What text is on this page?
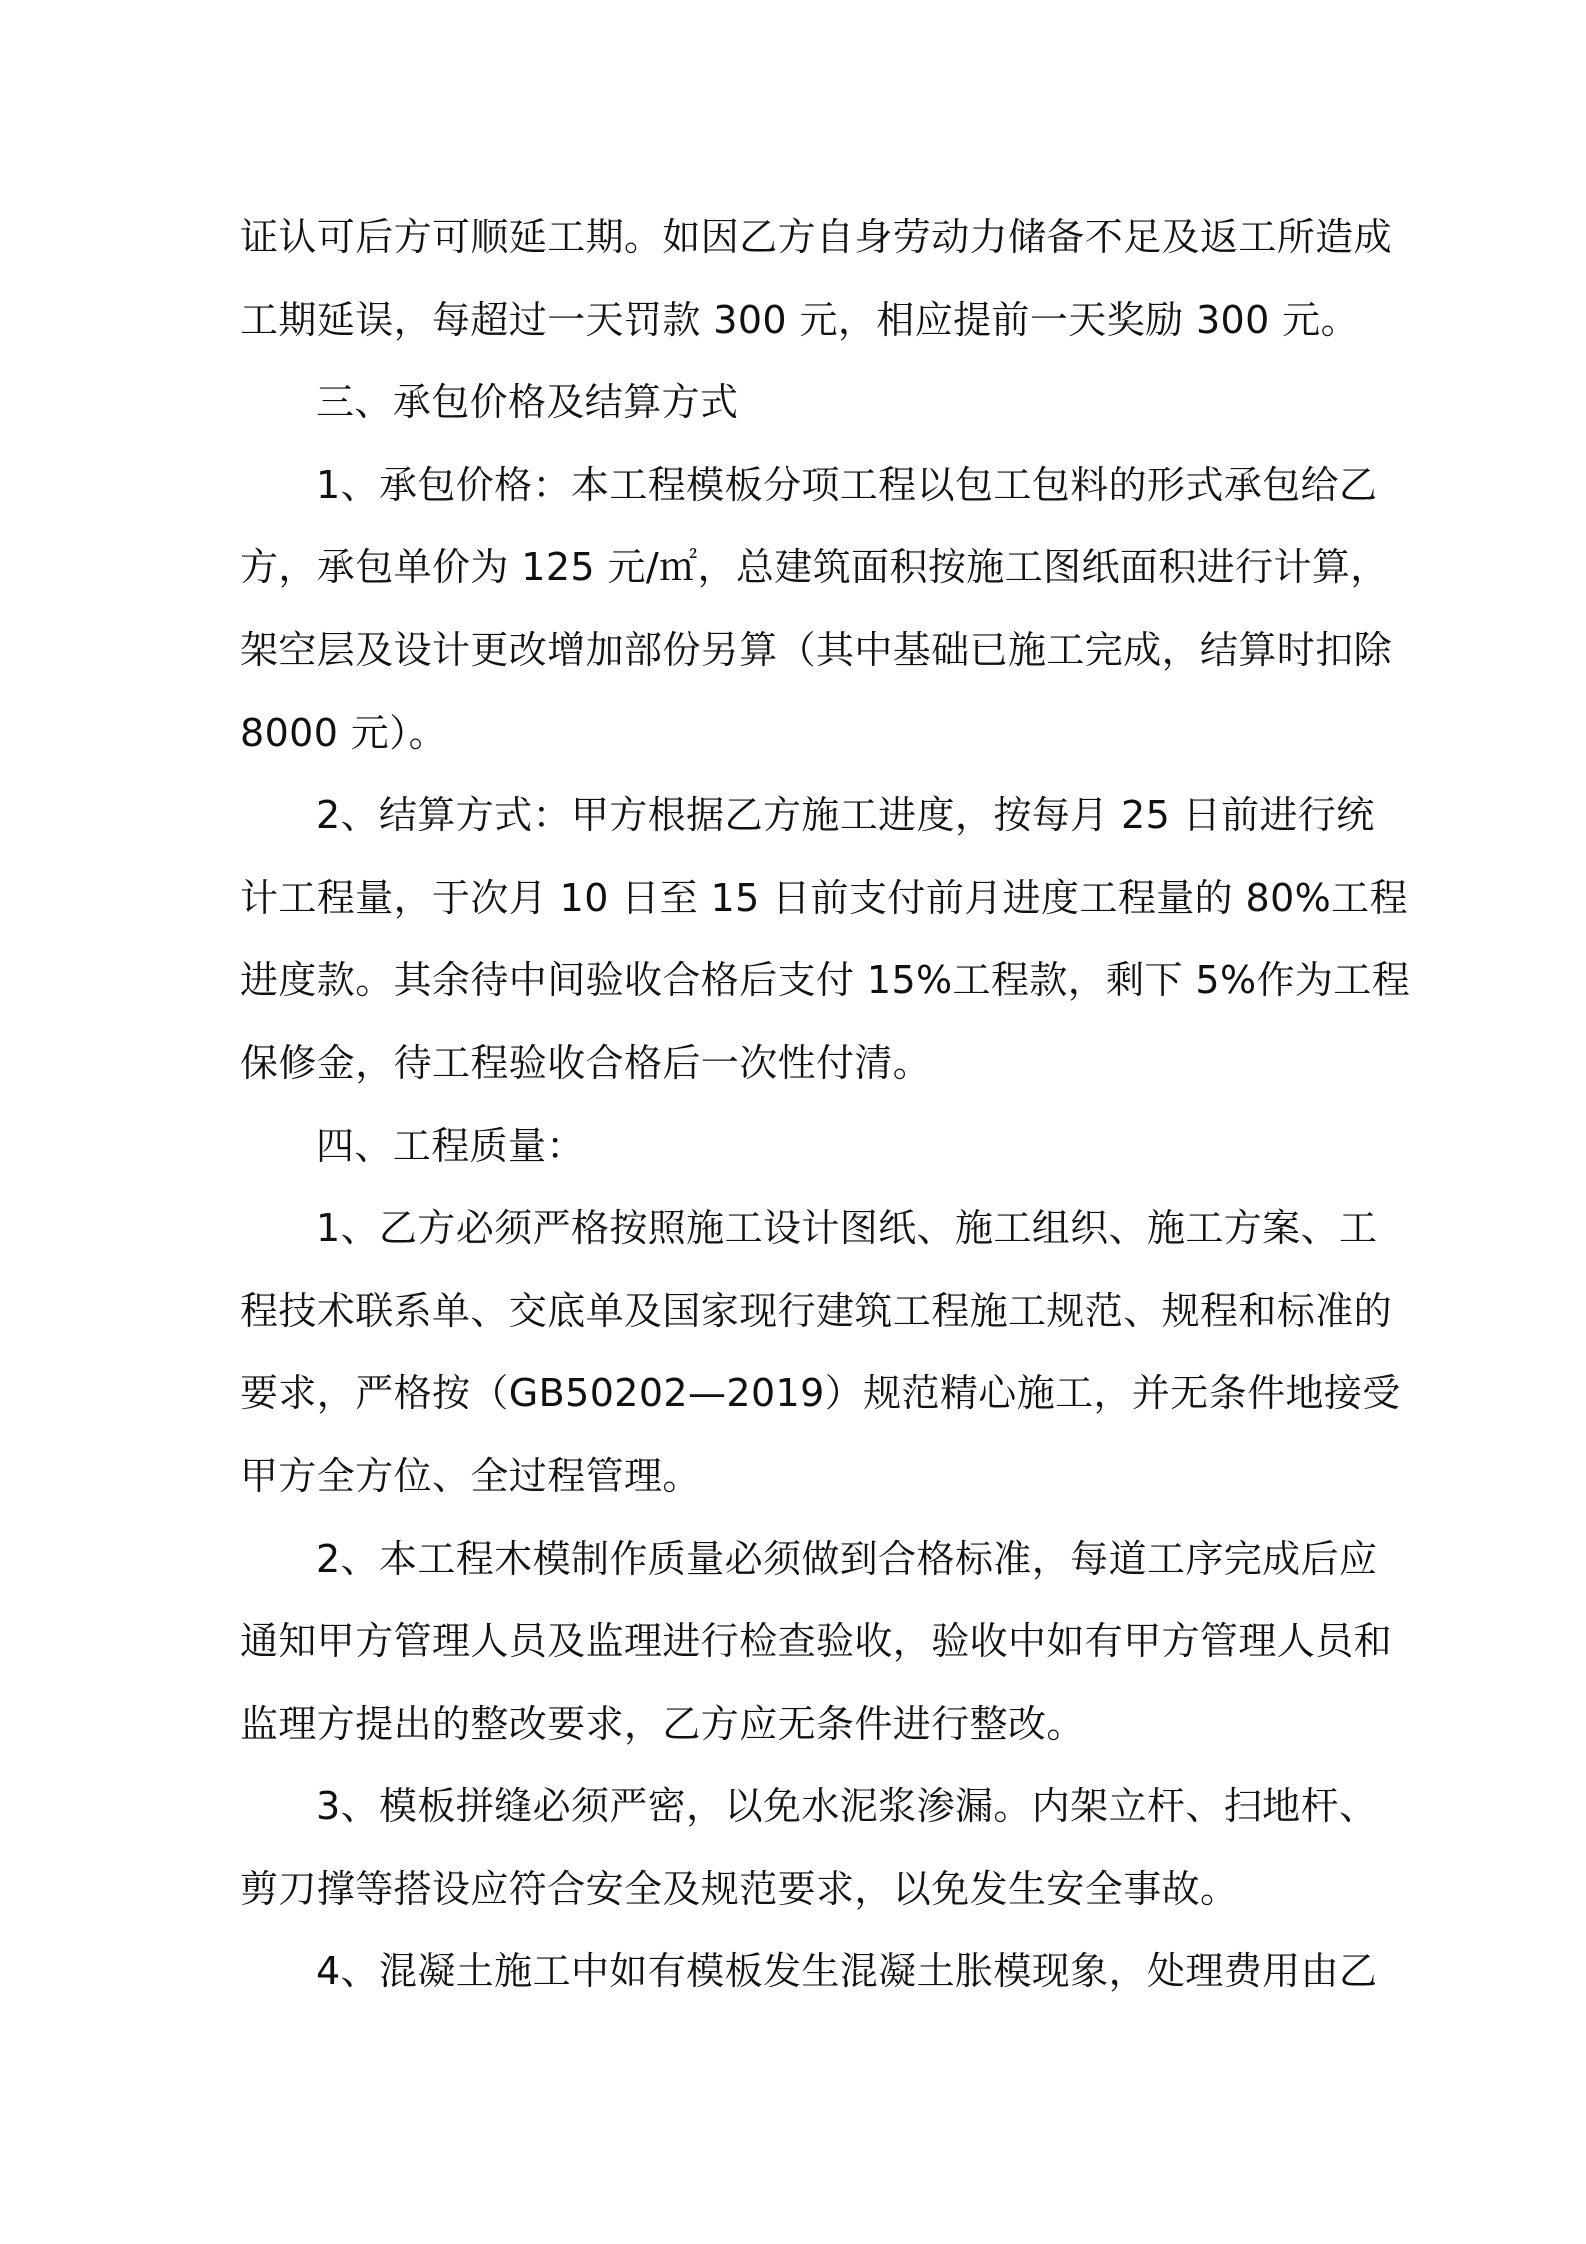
证认可后方可顺延工期。如因乙方自身劳动力储备不足及返工所造成
工期延误，每超过一天罚款 300 元，相应提前一天奖励 300 元。
三、承包价格及结算方式
1、承包价格：本工程模板分项工程以包工包料的形式承包给乙
方，承包单价为 125 元/㎡，总建筑面积按施工图纸面积进行计算，
架空层及设计更改增加部份另算（其中基础已施工完成，结算时扣除
8000 元）。
2、结算方式：甲方根据乙方施工进度，按每月 25 日前进行统
计工程量，于次月 10 日至 15 日前支付前月进度工程量的 80%工程
进度款。其余待中间验收合格后支付 15%工程款，剩下 5%作为工程
保修金，待工程验收合格后一次性付清。
四、工程质量：
1、乙方必须严格按照施工设计图纸、施工组织、施工方案、工
程技术联系单、交底单及国家现行建筑工程施工规范、规程和标准的
要求，严格按（GB50202—2019）规范精心施工，并无条件地接受
甲方全方位、全过程管理。
2、本工程木模制作质量必须做到合格标准，每道工序完成后应
通知甲方管理人员及监理进行检查验收，验收中如有甲方管理人员和
监理方提出的整改要求，乙方应无条件进行整改。
3、模板拼缝必须严密，以免水泥浆渗漏。内架立杆、扫地杆、
剪刀撑等搭设应符合安全及规范要求，以免发生安全事故。
4、混凝土施工中如有模板发生混凝土胀模现象，处理费用由乙
